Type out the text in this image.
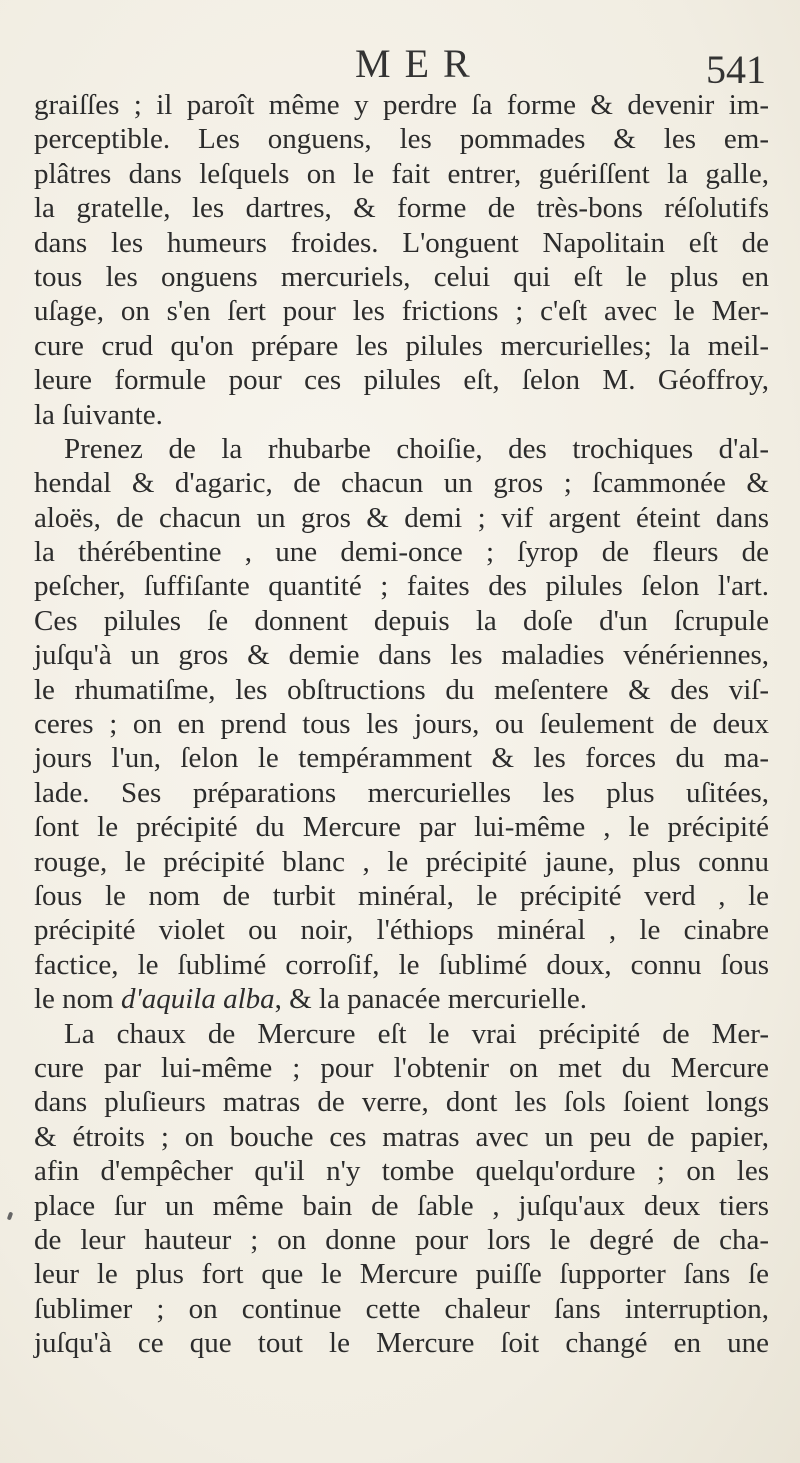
MER	541
graiſſes ; il paroît même y perdre ſa forme & devenir im-
perceptible. Les onguens, les pommades & les em-
plâtres dans leſquels on le fait entrer, guériſſent la galle,
la gratelle, les dartres, & forme de très-bons réſolutifs
dans les humeurs froides. L'onguent Napolitain eſt de
tous les onguens mercuriels, celui qui eſt le plus en
uſage, on s'en ſert pour les frictions ; c'eſt avec le Mer-
cure crud qu'on prépare les pilules mercurielles; la meil-
leure formule pour ces pilules eſt, ſelon M. Géoffroy,
la ſuivante.
Prenez de la rhubarbe choiſie, des trochiques d'al-
hendal & d'agaric, de chacun un gros ; ſcammonée &
aloës, de chacun un gros & demi ; vif argent éteint dans
la thérébentine , une demi-once ; ſyrop de fleurs de
peſcher, ſuffiſante quantité ; faites des pilules ſelon l'art.
Ces pilules ſe donnent depuis la doſe d'un ſcrupule
juſqu'à un gros & demie dans les maladies vénériennes,
le rhumatiſme, les obſtructions du meſentere & des viſ-
ceres ; on en prend tous les jours, ou ſeulement de deux
jours l'un, ſelon le tempéramment & les forces du ma-
lade. Ses préparations mercurielles les plus uſitées,
ſont le précipité du Mercure par lui-même , le précipité
rouge, le précipité blanc , le précipité jaune, plus connu
ſous le nom de turbit minéral, le précipité verd , le
précipité violet ou noir, l'éthiops minéral , le cinabre
factice, le ſublimé corroſif, le ſublimé doux, connu ſous
le nom d'aquila alba, & la panacée mercurielle.
La chaux de Mercure eſt le vrai précipité de Mer-
cure par lui-même ; pour l'obtenir on met du Mercure
dans pluſieurs matras de verre, dont les ſols ſoient longs
& étroits ; on bouche ces matras avec un peu de papier,
afin d'empêcher qu'il n'y tombe quelqu'ordure ; on les
place ſur un même bain de ſable , juſqu'aux deux tiers
de leur hauteur ; on donne pour lors le degré de cha-
leur le plus fort que le Mercure puiſſe ſupporter ſans ſe
ſublimer ; on continue cette chaleur ſans interruption,
juſqu'à ce que tout le Mercure ſoit changé en une
